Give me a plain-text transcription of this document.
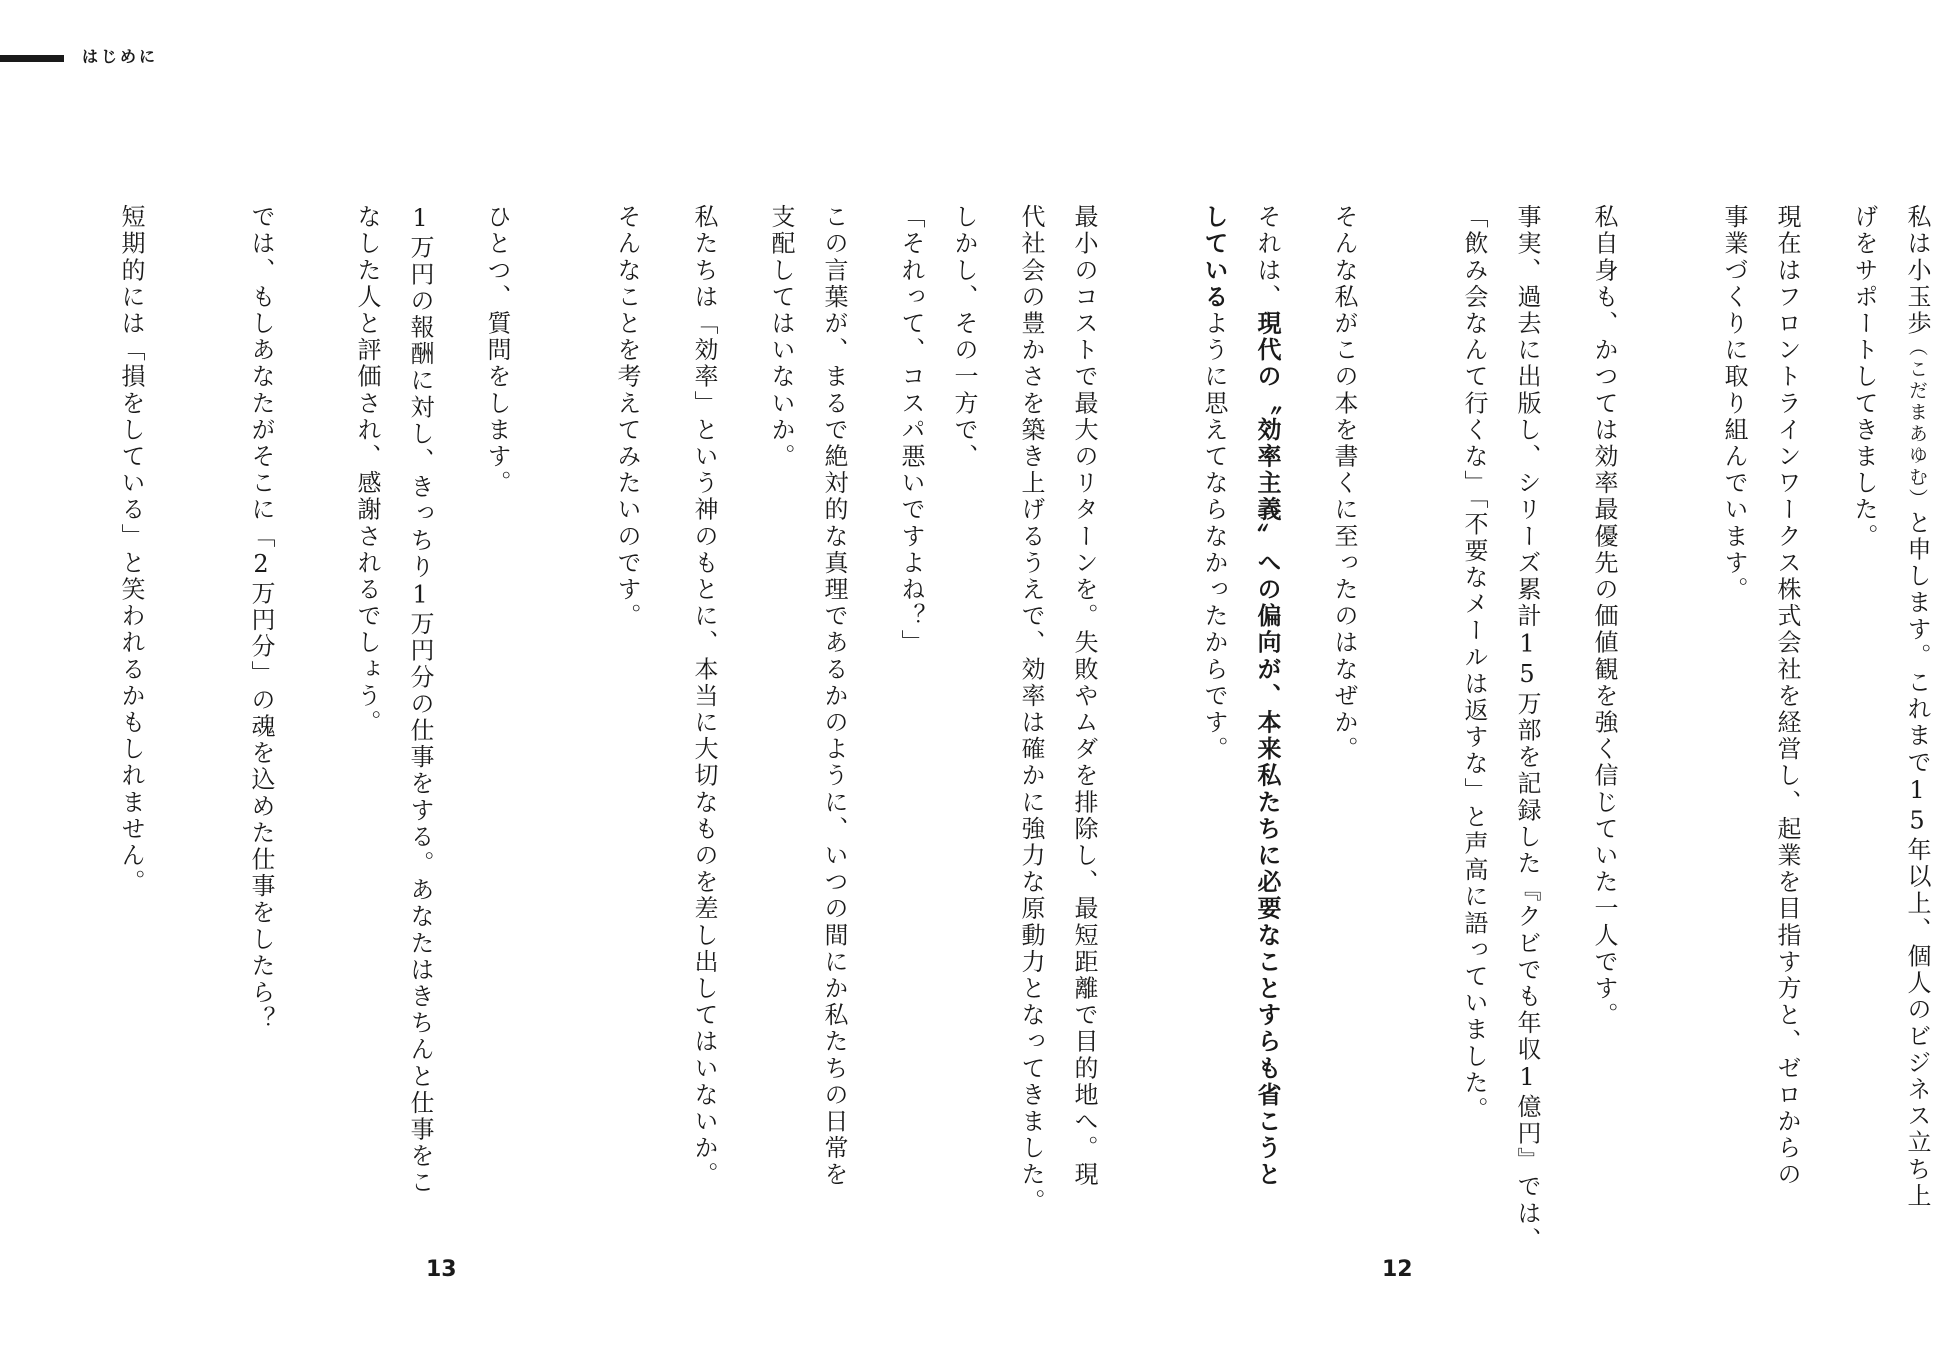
はじめに
私は小玉歩（こだまあゆむ）と申します。これまで15年以上、個人のビジネス立ち上
げをサポートしてきました。
現在はフロントラインワークス株式会社を経営し、起業を目指す方と、ゼロからの
事業づくりに取り組んでいます。

私自身も、かつては効率最優先の価値観を強く信じていた一人です。
事実、過去に出版し、シリーズ累計15万部を記録した『クビでも年収1億円』では、
「飲み会なんて行くな」「不要なメールは返すな」と声高に語っていました。

そんな私がこの本を書くに至ったのはなぜか。
それは、現代の〝効率主義〟への偏向が、本来私たちに必要なことすらも省こうと
しているように思えてならなかったからです。

最小のコストで最大のリターンを。失敗やムダを排除し、最短距離で目的地へ。現
代社会の豊かさを築き上げるうえで、効率は確かに強力な原動力となってきました。
しかし、その一方で、
「それって、コスパ悪いですよね？」
この言葉が、まるで絶対的な真理であるかのように、いつの間にか私たちの日常を
支配してはいないか。
私たちは「効率」という神のもとに、本当に大切なものを差し出してはいないか。
そんなことを考えてみたいのです。

ひとつ、質問をします。
1万円の報酬に対し、きっちり1万円分の仕事をする。あなたはきちんと仕事をこ
なした人と評価され、感謝されるでしょう。

では、もしあなたがそこに「2万円分」の魂を込めた仕事をしたら？

短期的には「損をしている」と笑われるかもしれません。
13	12
